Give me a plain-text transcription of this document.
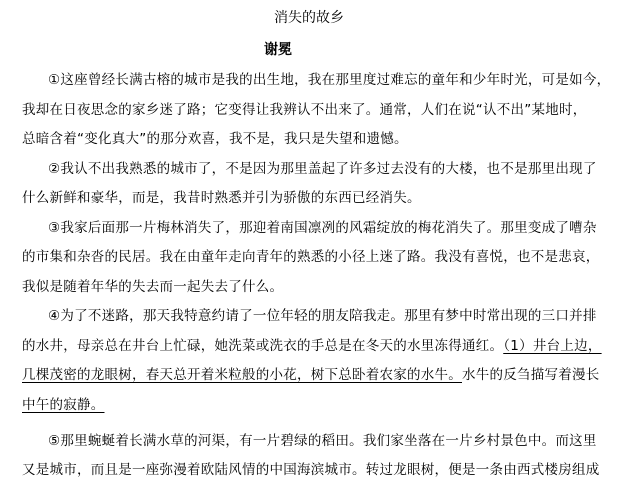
消失的故乡
谢冕
①这座曾经长满古榕的城市是我的出生地，我在那里度过难忘的童年和少年时光，可是如今，
我却在日夜思念的家乡迷了路；它变得让我辨认不出来了。通常，人们在说“认不出”某地时，
总暗含着“变化真大”的那分欢喜，我不是，我只是失望和遗憾。
②我认不出我熟悉的城市了，不是因为那里盖起了许多过去没有的大楼，也不是那里出现了
什么新鲜和豪华，而是，我昔时熟悉并引为骄傲的东西已经消失。
③我家后面那一片梅林消失了，那迎着南国凛冽的风霜绽放的梅花消失了。那里变成了嘈杂
的市集和杂沓的民居。我在由童年走向青年的熟悉的小径上迷了路。我没有喜悦，也不是悲哀，
我似是随着年华的失去而一起失去了什么。
④为了不迷路，那天我特意约请了一位年轻的朋友陪我走。那里有梦中时常出现的三口并排
的水井，母亲总在井台上忙碌，她洗菜或洗衣的手总是在冬天的水里冻得通红。（1）井台上边，
几棵茂密的龙眼树，春天总开着米粒般的小花，树下总卧着农家的水牛。水牛的反刍描写着漫长
中午的寂静。
⑤那里蜿蜒着长满水草的河渠，有一片碧绿的稻田。我们家坐落在一片乡村景色中。而这里
又是城市，而且是一座弥漫着欧陆风情的中国海滨城市。转过龙眼树，便是一条由西式楼房组成
